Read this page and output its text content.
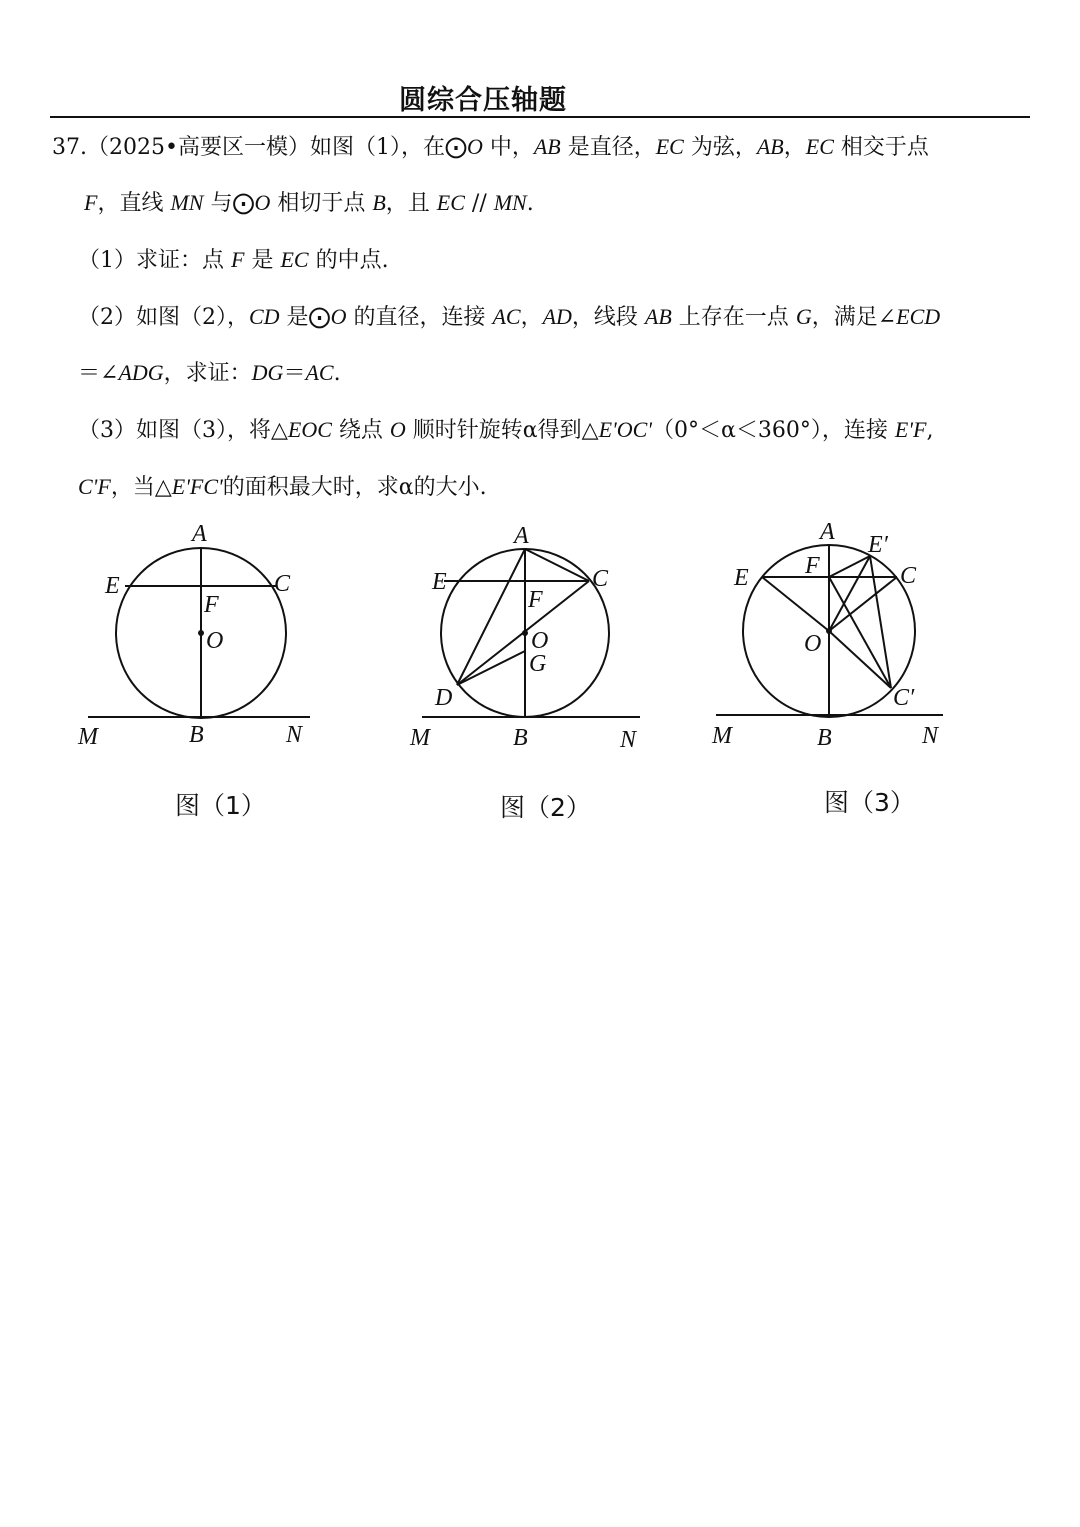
圆综合压轴题
37.（2025•高要区一模）如图（1），在⨀O 中，AB 是直径，EC 为弦，AB，EC 相交于点
F，直线 MN 与⨀O 相切于点 B，且 EC // MN.
（1）求证：点 F 是 EC 的中点.
（2）如图（2），CD 是⨀O 的直径，连接 AC，AD，线段 AB 上存在一点 G，满足∠ECD
＝∠ADG，求证：DG＝AC.
（3）如图（3），将△EOC 绕点 O 顺时针旋转α得到△E'OC'（0°＜α＜360°），连接 E'F,
C'F，当△E'FC'的面积最大时，求α的大小.
A
E	C
F
O
M	B	N
图（1）
A
E	C
F
O
G
D
M	B	N
图（2）
A E′
E F	C
O
C′
M	B	N
图（3）
